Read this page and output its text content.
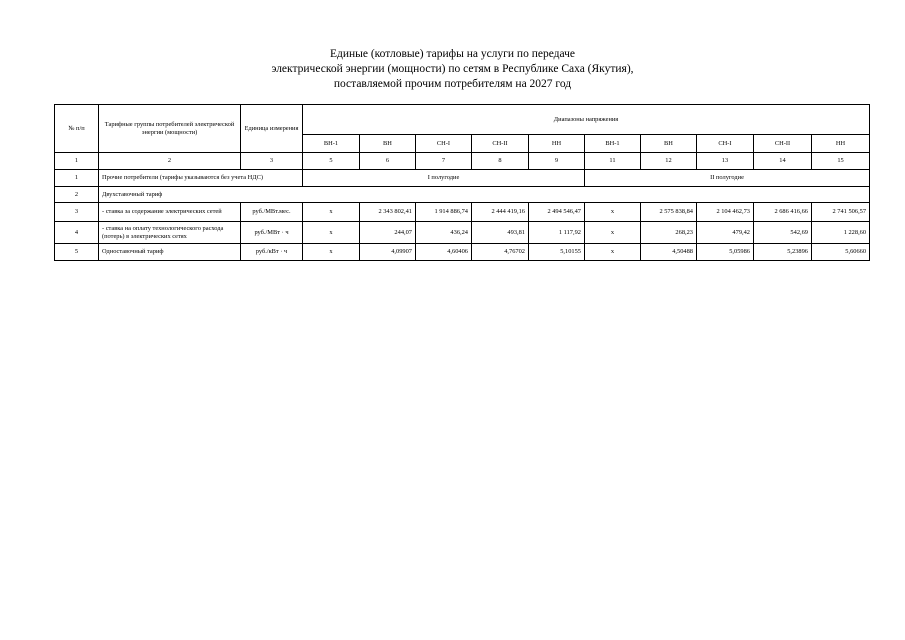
Единые (котловые) тарифы на услуги по передаче
электрической энергии (мощности) по сетям в Республике Саха (Якутия),
поставляемой прочим потребителям на 2027 год
№ п/п	Тарифные группы потребителей электрической энергии (мощности)	Единица измерения	Диапазоны напряжения									
			ВН-1	ВН	СН-I	СН-II	НН	ВН-1	ВН	СН-I	СН-II	НН
1	2	3	5	6	7	8	9	11	12	13	14	15
1	Прочие потребители (тарифы указываются без учета НДС)		I полугодие					II полугодие				
2	Двухставочный тариф											
3	- ставка за содержание электрических сетей	руб./МВт.мес.	х	2 343 802,41	1 914 886,74	2 444 419,16	2 494 546,47	х	2 575 838,84	2 104 462,73	2 686 416,66	2 741 506,57
4	- ставка на оплату технологического расхода (потерь) в электрических сетях	руб./МВт · ч	х	244,07	436,24	493,81	1 117,92	х	268,23	479,42	542,69	1 228,60
5	Одноставочный тариф	руб./кВт · ч	х	4,09907	4,60406	4,76702	5,10155	х	4,50488	5,05986	5,23896	5,60660
